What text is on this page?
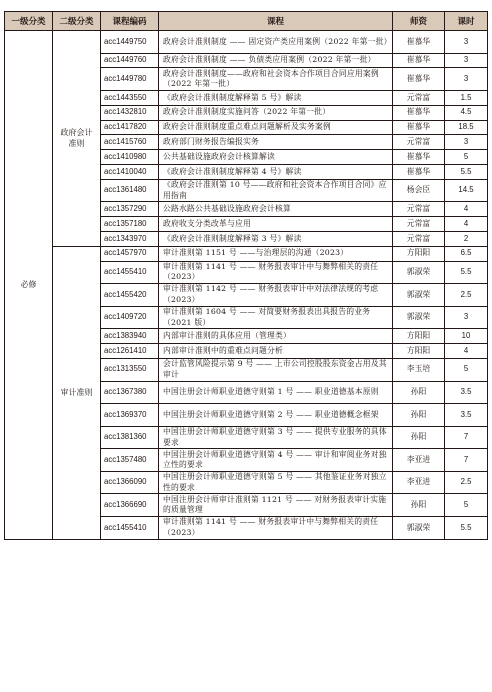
一级分类	二级分类	课程编码	课程	师资	课时
必修	政府会计准则	acc1449750	政府会计准则制度 —— 固定资产类应用案例（2022 年第一批）	崔慕华	3
		acc1449760	政府会计准则制度 —— 负债类应用案例（2022 年第一批）	崔慕华	3
		acc1449780	政府会计准则制度——政府和社会资本合作项目合同应用案例（2022 年第一批）	崔慕华	3
		acc1443550	《政府会计准则制度解释第 5 号》解读	元常富	1.5
		acc1432810	政府会计准则制度实施问答（2022 年第一批）	崔慕华	4.5
		acc1417820	政府会计准则制度重点难点问题解析及实务案例	崔慕华	18.5
		acc1415760	政府部门财务报告编报实务	元常富	3
		acc1410980	公共基础设施政府会计核算解读	崔慕华	5
		acc1410040	《政府会计准则制度解释第 4 号》解读	崔慕华	5.5
		acc1361480	《政府会计准则第 10 号——政府和社会资本合作项目合同》应用指南	杨会臣	14.5
		acc1357290	公路水路公共基础设施政府会计核算	元常富	4
		acc1357180	政府收支分类改革与应用	元常富	4
		acc1343970	《政府会计准则制度解释第 3 号》解读	元常富	2
	审计准则	acc1457970	审计准则第 1151 号 ——与治理层的沟通（2023）	方阳阳	6.5
		acc1455410	审计准则第 1141 号 —— 财务报表审计中与舞弊相关的责任（2023）	郭淑荣	5.5
		acc1455420	审计准则第 1142 号 —— 财务报表审计中对法律法规的考虑（2023）	郭淑荣	2.5
		acc1409720	审计准则第 1604 号 —— 对简要财务报表出具报告的业务（2021 版）	郭淑荣	3
		acc1383940	内部审计准则的具体应用（管理类）	方阳阳	10
		acc1261410	内部审计准则中的重难点问题分析	方阳阳	4
		acc1313550	会计监管风险提示第 9 号 —— 上市公司控股股东资金占用及其审计	李玉培	5
		acc1367380	中国注册会计师职业道德守则第 1 号 —— 职业道德基本原则	孙阳	3.5
		acc1369370	中国注册会计师职业道德守则第 2 号 —— 职业道德概念框架	孙阳	3.5
		acc1381360	中国注册会计师职业道德守则第 3 号 —— 提供专业服务的具体要求	孙阳	7
		acc1357480	中国注册会计师职业道德守则第 4 号 —— 审计和审阅业务对独立性的要求	李亚进	7
		acc1366090	中国注册会计师职业道德守则第 5 号 —— 其他鉴证业务对独立性的要求	李亚进	2.5
		acc1366690	中国注册会计师审计准则第 1121 号 —— 对财务报表审计实施的质量管理	孙阳	5
		acc1455410	审计准则第 1141 号 —— 财务报表审计中与舞弊相关的责任（2023）	郭淑荣	5.5
